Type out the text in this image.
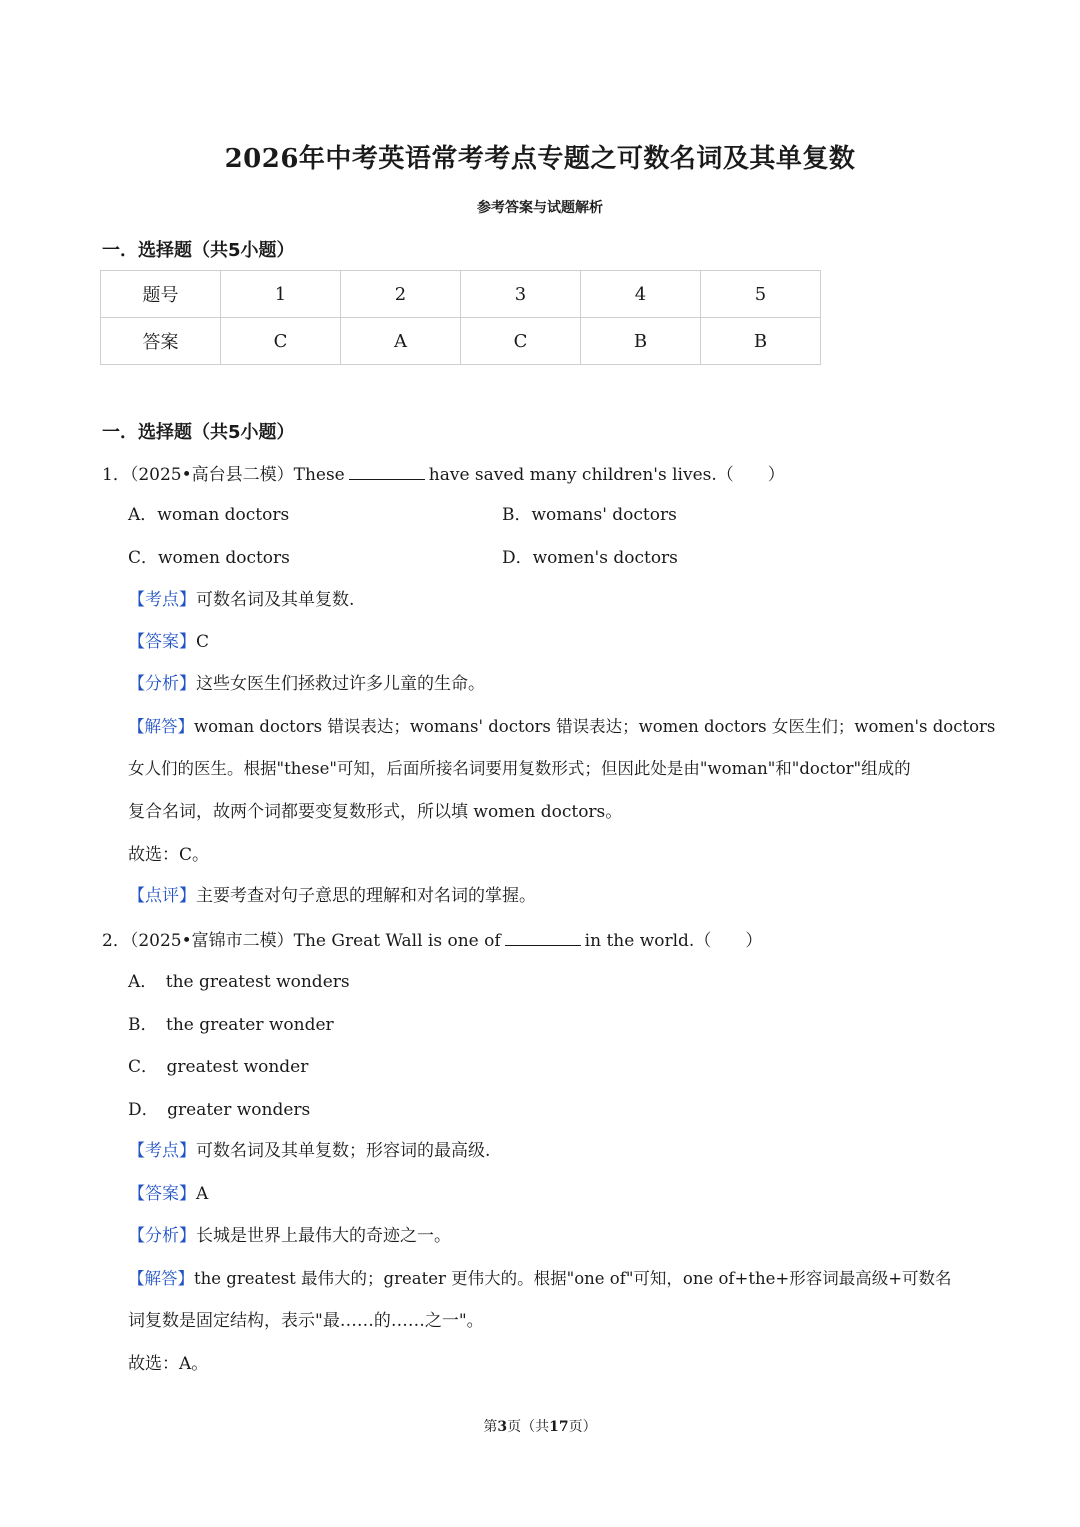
2026年中考英语常考考点专题之可数名词及其单复数
参考答案与试题解析
一．选择题（共5小题）
题号	1	2	3	4	5
答案	C	A	C	B	B
一．选择题（共5小题）
1．（2025•高台县二模）These	have saved many children's lives.（　　）
A．woman doctors	B．womans' doctors
C．women doctors	D．women's doctors
【考点】可数名词及其单复数.
【答案】C
【分析】这些女医生们拯救过许多儿童的生命。
【解答】woman doctors 错误表达；womans' doctors 错误表达；women doctors 女医生们；women's doctors
女人们的医生。根据"these"可知，后面所接名词要用复数形式；但因此处是由"woman"和"doctor"组成的
复合名词，故两个词都要变复数形式，所以填 women doctors。
故选：C。
【点评】主要考查对句子意思的理解和对名词的掌握。
2．（2025•富锦市二模）The Great Wall is one of	in the world.（　　）
A．　the greatest wonders
B．　the greater wonder
C．　greatest wonder
D．　greater wonders
【考点】可数名词及其单复数；形容词的最高级.
【答案】A
【分析】长城是世界上最伟大的奇迹之一。
【解答】the greatest 最伟大的；greater 更伟大的。根据"one of"可知，one of+the+形容词最高级+可数名
词复数是固定结构，表示"最……的……之一"。
故选：A。
第3页（共17页）
